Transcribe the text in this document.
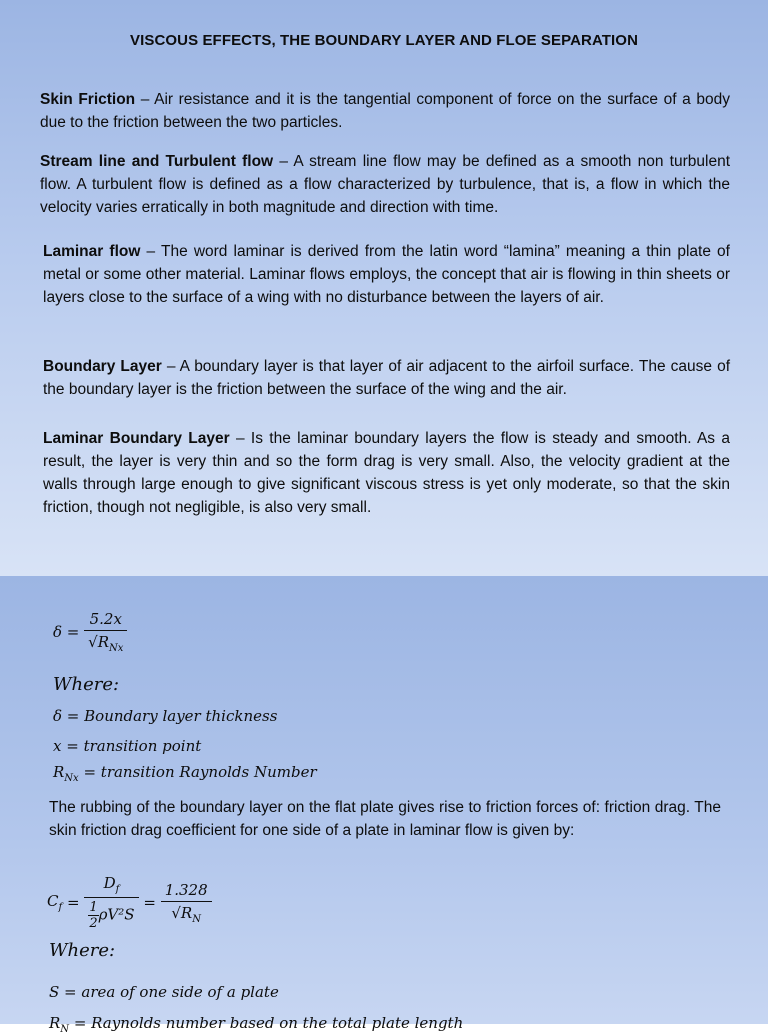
VISCOUS EFFECTS, THE BOUNDARY LAYER AND FLOE SEPARATION
Skin Friction – Air resistance and it is the tangential component of force on the surface of a body due to the friction between the two particles.
Stream line and Turbulent flow – A stream line flow may be defined as a smooth non turbulent flow. A turbulent flow is defined as a flow characterized by turbulence, that is, a flow in which the velocity varies erratically in both magnitude and direction with time.
Laminar flow – The word laminar is derived from the latin word “lamina” meaning a thin plate of metal or some other material. Laminar flows employs, the concept that air is flowing in thin sheets or layers close to the surface of a wing with no disturbance between the layers of air.
Boundary Layer – A boundary layer is that layer of air adjacent to the airfoil surface. The cause of the boundary layer is the friction between the surface of the wing and the air.
Laminar Boundary Layer – Is the laminar boundary layers the flow is steady and smooth. As a result, the layer is very thin and so the form drag is very small. Also, the velocity gradient at the walls through large enough to give significant viscous stress is yet only moderate, so that the skin friction, though not negligible, is also very small.
$\delta = \frac{5.2x}{√R_{Nx}}$
Where:
δ = Boundary layer thickness
x = transition point
$R_{Nx}$ = transition Raynolds Number
The rubbing of the boundary layer on the flat plate gives rise to friction forces of: friction drag. The skin friction drag coefficient for one side of a plate in laminar flow is given by:
$C_f = \frac{D_f}{\frac{1}{2} \rho V^2S} = \frac{1.328}{√R_N}$
Where:
S = area of one side of a plate
$R_N$ = Raynolds number based on the total plate length
